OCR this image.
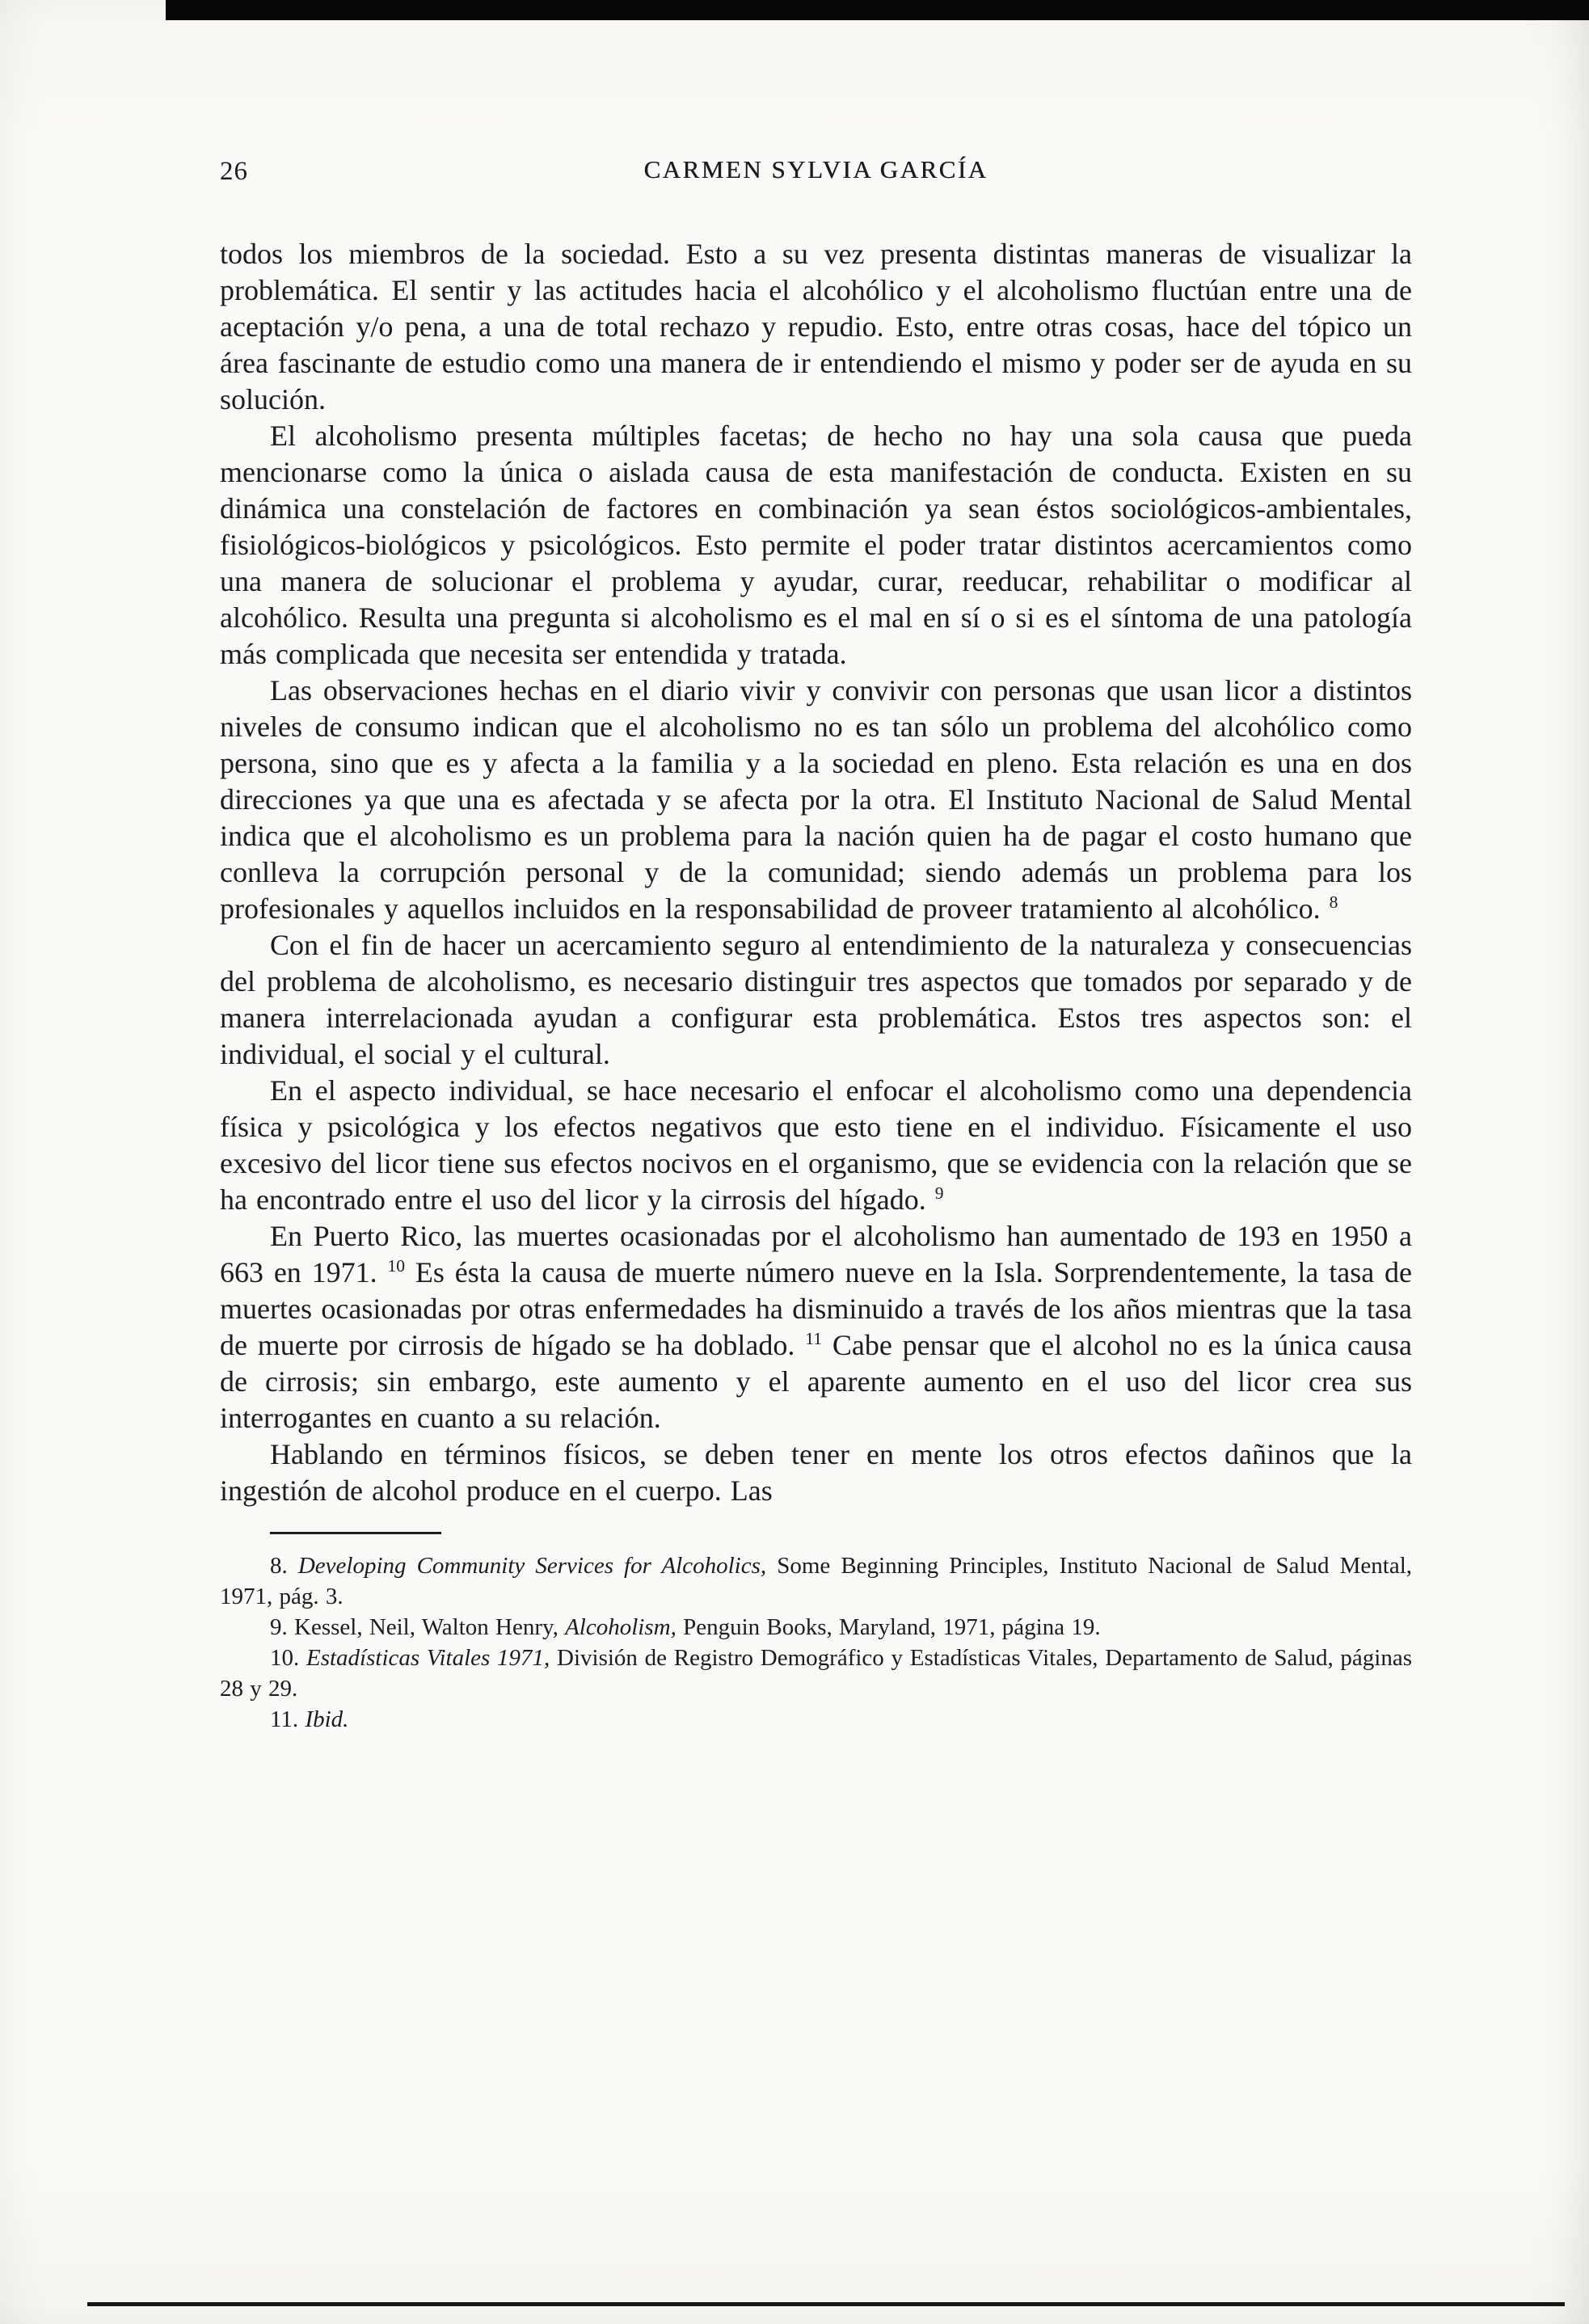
26	CARMEN SYLVIA GARCÍA

todos los miembros de la sociedad. Esto a su vez presenta distintas maneras de visualizar la problemática. El sentir y las actitudes hacia el alcohólico y el alcoholismo fluctúan entre una de aceptación y/o pena, a una de total rechazo y repudio. Esto, entre otras cosas, hace del tópico un área fascinante de estudio como una manera de ir entendiendo el mismo y poder ser de ayuda en su solución.

El alcoholismo presenta múltiples facetas; de hecho no hay una sola causa que pueda mencionarse como la única o aislada causa de esta manifestación de conducta. Existen en su dinámica una constelación de factores en combinación ya sean éstos sociológicos-ambientales, fisiológicos-biológicos y psicológicos. Esto permite el poder tratar distintos acercamientos como una manera de solucionar el problema y ayudar, curar, reeducar, rehabilitar o modificar al alcohólico. Resulta una pregunta si alcoholismo es el mal en sí o si es el síntoma de una patología más complicada que necesita ser entendida y tratada.

Las observaciones hechas en el diario vivir y convivir con personas que usan licor a distintos niveles de consumo indican que el alcoholismo no es tan sólo un problema del alcohólico como persona, sino que es y afecta a la familia y a la sociedad en pleno. Esta relación es una en dos direcciones ya que una es afectada y se afecta por la otra. El Instituto Nacional de Salud Mental indica que el alcoholismo es un problema para la nación quien ha de pagar el costo humano que conlleva la corrupción personal y de la comunidad; siendo además un problema para los profesionales y aquellos incluidos en la responsabilidad de proveer tratamiento al alcohólico. $^8$

Con el fin de hacer un acercamiento seguro al entendimiento de la naturaleza y consecuencias del problema de alcoholismo, es necesario distinguir tres aspectos que tomados por separado y de manera interrelacionada ayudan a configurar esta problemática. Estos tres aspectos son: el individual, el social y el cultural.

En el aspecto individual, se hace necesario el enfocar el alcoholismo como una dependencia física y psicológica y los efectos negativos que esto tiene en el individuo. Físicamente el uso excesivo del licor tiene sus efectos nocivos en el organismo, que se evidencia con la relación que se ha encontrado entre el uso del licor y la cirrosis del hígado. $^9$

En Puerto Rico, las muertes ocasionadas por el alcoholismo han aumentado de 193 en 1950 a 663 en 1971. $^{10}$ Es ésta la causa de muerte número nueve en la Isla. Sorprendentemente, la tasa de muertes ocasionadas por otras enfermedades ha disminuido a través de los años mientras que la tasa de muerte por cirrosis de hígado se ha doblado. $^{11}$ Cabe pensar que el alcohol no es la única causa de cirrosis; sin embargo, este aumento y el aparente aumento en el uso del licor crea sus interrogantes en cuanto a su relación.

Hablando en términos físicos, se deben tener en mente los otros efectos dañinos que la ingestión de alcohol produce en el cuerpo. Las

8. Developing Community Services for Alcoholics, Some Beginning Principles, Instituto Nacional de Salud Mental, 1971, pág. 3.

9. Kessel, Neil, Walton Henry, Alcoholism, Penguin Books, Maryland, 1971, página 19.

10. Estadísticas Vitales 1971, División de Registro Demográfico y Estadísticas Vitales, Departamento de Salud, páginas 28 y 29.

11. Ibid.
